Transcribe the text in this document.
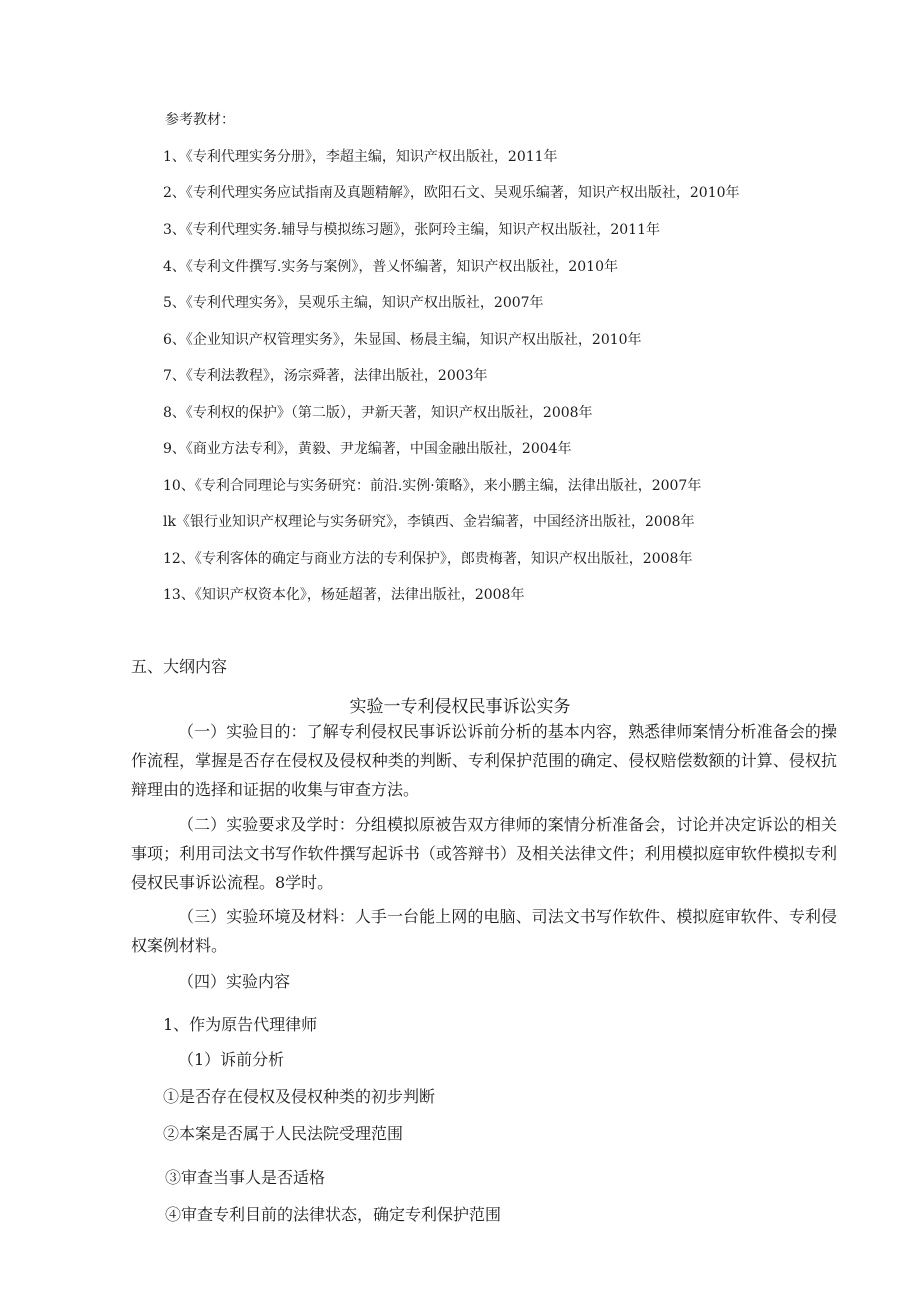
参考教材：
1、《专利代理实务分册》，李超主编，知识产权出版社，2011年
2、《专利代理实务应试指南及真题精解》，欧阳石文、吴观乐编著，知识产权出版社，2010年
3、《专利代理实务.辅导与模拟练习题》，张阿玲主编，知识产权出版社，2011年
4、《专利文件撰写.实务与案例》，普乂怀编著，知识产权出版社，2010年
5、《专利代理实务》，吴观乐主编，知识产权出版社，2007年
6、《企业知识产权管理实务》，朱显国、杨晨主编，知识产权出版社，2010年
7、《专利法教程》，汤宗舜著，法律出版社，2003年
8、《专利权的保护》（第二版），尹新天著，知识产权出版社，2008年
9、《商业方法专利》，黄毅、尹龙编著，中国金融出版社，2004年
10、《专利合同理论与实务研究：前沿.实例·策略》，来小鹏主编，法律出版社，2007年
lk《银行业知识产权理论与实务研究》，李镇西、金岩编著，中国经济出版社，2008年
12、《专利客体的确定与商业方法的专利保护》，郎贵梅著，知识产权出版社，2008年
13、《知识产权资本化》，杨延超著，法律出版社，2008年
五、大纲内容
实验一专利侵权民事诉讼实务
（一）实验目的：了解专利侵权民事诉讼诉前分析的基本内容，熟悉律师案情分析准备会的操作流程，掌握是否存在侵权及侵权种类的判断、专利保护范围的确定、侵权赔偿数额的计算、侵权抗辩理由的选择和证据的收集与审查方法。
（二）实验要求及学时：分组模拟原被告双方律师的案情分析准备会，讨论并决定诉讼的相关事项；利用司法文书写作软件撰写起诉书（或答辩书）及相关法律文件；利用模拟庭审软件模拟专利侵权民事诉讼流程。8学时。
（三）实验环境及材料：人手一台能上网的电脑、司法文书写作软件、模拟庭审软件、专利侵权案例材料。
（四）实验内容
1、作为原告代理律师
（1）诉前分析
①是否存在侵权及侵权种类的初步判断
②本案是否属于人民法院受理范围
③审查当事人是否适格
④审查专利目前的法律状态，确定专利保护范围
